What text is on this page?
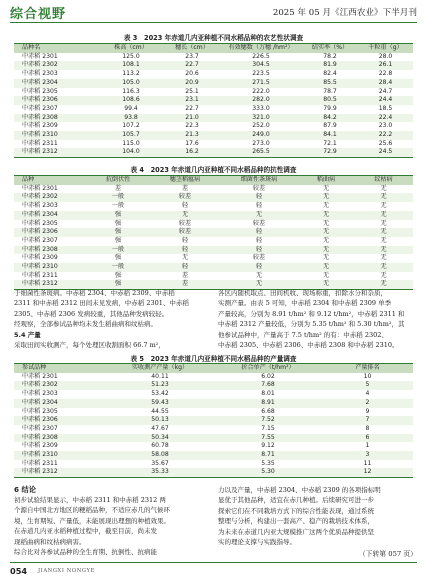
综合视野	2025 年 05 月《江西农业》下半月刊
表 3　2023 年赤道几内亚种植不同水稻品种的农艺性状调查
品种名	株高（cm）	穗长（cm）	有效穗数（万穗 /hm²）	结实率（%）	千粒重（g）
中赤稻 2301	125.0	23.7	226.5	78.2	28.0
中赤稻 2302	108.1	22.7	304.5	81.9	26.1
中赤稻 2303	113.2	20.6	223.5	82.4	22.8
中赤稻 2304	105.0	20.9	271.5	85.5	28.4
中赤稻 2305	116.3	25.1	222.0	78.7	24.7
中赤稻 2306	108.6	23.1	282.0	80.5	24.4
中赤稻 2307	99.4	22.7	333.0	79.9	18.5
中赤稻 2308	93.8	21.0	321.0	84.2	22.4
中赤稻 2309	107.2	22.3	252.0	87.9	23.0
中赤稻 2310	105.7	21.3	249.0	84.1	22.2
中赤稻 2311	115.0	17.6	273.0	72.1	25.6
中赤稻 2312	104.0	16.2	265.5	72.9	24.5
表 4　2023 年赤道几内亚种植不同水稻品种的抗性调查
品种	抗倒伏性	穗茎稻瘟病	细菌性条斑病	稻曲病	纹枯病
中赤稻 2301	差	差	较差	无	无
中赤稻 2302	一般	较差	轻	无	无
中赤稻 2303	一般	轻	轻	无	无
中赤稻 2304	强	无	无	无	无
中赤稻 2305	强	较差	较差	无	无
中赤稻 2306	强	较差	轻	无	无
中赤稻 2307	强	轻	轻	无	无
中赤稻 2308	一般	轻	轻	无	无
中赤稻 2309	强	无	较差	无	无
中赤稻 2310	一般	轻	轻	无	无
中赤稻 2311	强	差	无	无	无
中赤稻 2312	强	差	无	无	无
于细菌性条斑病。中赤稻 2304、中赤稻 2309、中赤稻
2311 和中赤稻 2312 田间未见发病，中赤稻 2301、中赤稻
2305、中赤稻 2306 发病较重，其他品种发病较轻。
经观察，全部参试品种均未发生稻曲病和纹枯病。
5.4 产量
采取田间实收测产，每个处理区收割面积 66.7 m²，
各区内随机取点、田间机收、现场称重，扣除水分和杂质，
实测产量。由表 5 可知，中赤稻 2304 和中赤稻 2309 单季
产量较高，分别为 8.91 t/hm² 和 9.12 t/hm²，中赤稻 2311 和
中赤稻 2312 产量较低，分别为 5.35 t/hm² 和 5.30 t/hm²，其
他参试品种中，产量高于 7.5 t/hm² 的有：中赤稻 2302、
中赤稻 2305、中赤稻 2306、中赤稻 2308 和中赤稻 2310。
表 5　2023 年赤道几内亚种植不同水稻品种的产量调查
参试品种	实收测产产量（kg）	折合单产（t/hm²）	产量排名
中赤稻 2301	40.11	6.02	10
中赤稻 2302	51.23	7.68	5
中赤稻 2303	53.42	8.01	4
中赤稻 2304	59.43	8.91	2
中赤稻 2305	44.55	6.68	9
中赤稻 2306	50.13	7.52	7
中赤稻 2307	47.67	7.15	8
中赤稻 2308	50.34	7.55	6
中赤稻 2309	60.78	9.12	1
中赤稻 2310	58.08	8.71	3
中赤稻 2311	35.67	5.35	11
中赤稻 2312	35.33	5.30	12
6 结论
初步试验结果显示，中赤稻 2311 和中赤稻 2312 两
个源自中国北方地区的粳稻品种，不适应赤几的气候环
境，生育期短、产量低，未能展现出理想的种植效果。
在赤道几内亚水稻种植过程中，截至目前，尚未发
现稻曲病和纹枯病病害。
综合比对各参试品种的全生育期、抗倒性、抗病能
力以及产量，中赤稻 2304、中赤稻 2309 的各项指标明
显优于其他品种，适宜在赤几种植。后续研究可进一步
探索它们在不同栽培方式下的综合性能表现，通过系统
整理与分析，构建出一套高产、稳产的栽培技术体系，
为未来在赤道几内亚大规模推广这两个优质品种提供坚
实的理论支撑与实践指导。
（下转第 057 页）
054 JIANGXI NONGYE
